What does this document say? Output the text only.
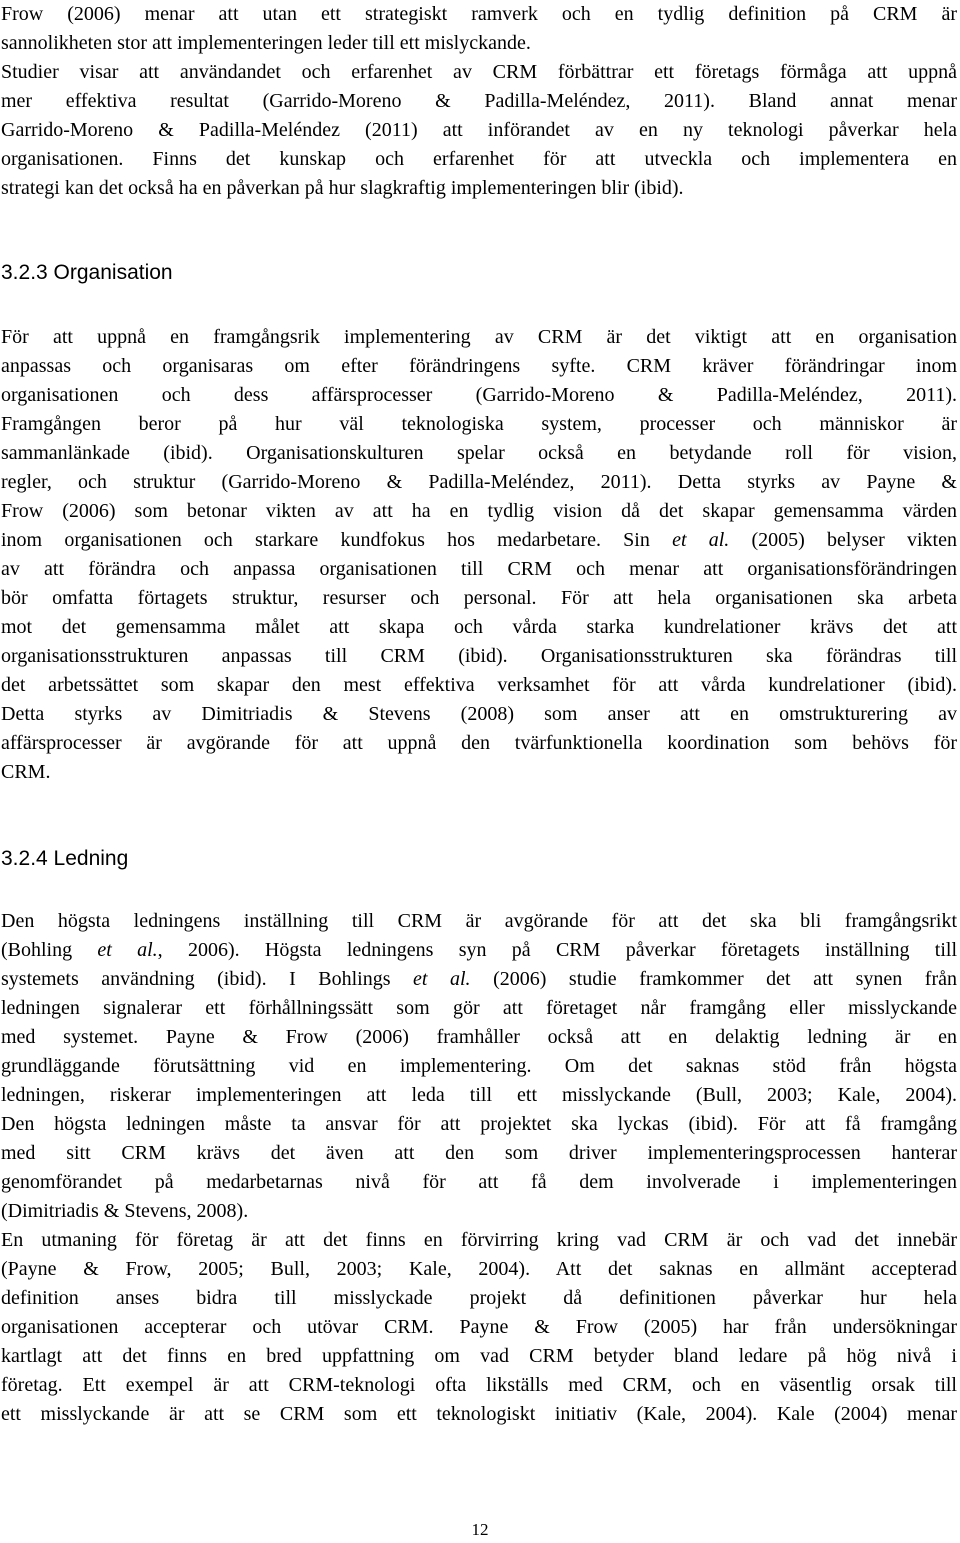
Frow (2006) menar att utan ett strategiskt ramverk och en tydlig definition på CRM är
sannolikheten stor att implementeringen leder till ett mislyckande.
Studier visar att användandet och erfarenhet av CRM förbättrar ett företags förmåga att uppnå
mer effektiva resultat (Garrido-Moreno & Padilla-Meléndez, 2011). Bland annat menar
Garrido-Moreno & Padilla-Meléndez (2011) att införandet av en ny teknologi påverkar hela
organisationen. Finns det kunskap och erfarenhet för att utveckla och implementera en
strategi kan det också ha en påverkan på hur slagkraftig implementeringen blir (ibid).
3.2.3 Organisation
För att uppnå en framgångsrik implementering av CRM är det viktigt att en organisation
anpassas och organisaras om efter förändringens syfte. CRM kräver förändringar inom
organisationen och dess affärsprocesser (Garrido-Moreno & Padilla-Meléndez, 2011).
Framgången beror på hur väl teknologiska system, processer och människor är
sammanlänkade (ibid). Organisationskulturen spelar också en betydande roll för vision,
regler, och struktur (Garrido-Moreno & Padilla-Meléndez, 2011). Detta styrks av Payne &
Frow (2006) som betonar vikten av att ha en tydlig vision då det skapar gemensamma värden
inom organisationen och starkare kundfokus hos medarbetare. Sin et al. (2005) belyser vikten
av att förändra och anpassa organisationen till CRM och menar att organisationsförändringen
bör omfatta förtagets struktur, resurser och personal. För att hela organisationen ska arbeta
mot det gemensamma målet att skapa och vårda starka kundrelationer krävs det att
organisationsstrukturen anpassas till CRM (ibid). Organisationsstrukturen ska förändras till
det arbetssättet som skapar den mest effektiva verksamhet för att vårda kundrelationer (ibid).
Detta styrks av Dimitriadis & Stevens (2008) som anser att en omstrukturering av
affärsprocesser är avgörande för att uppnå den tvärfunktionella koordination som behövs för
CRM.
3.2.4 Ledning
Den högsta ledningens inställning till CRM är avgörande för att det ska bli framgångsrikt
(Bohling et al., 2006). Högsta ledningens syn på CRM påverkar företagets inställning till
systemets användning (ibid). I Bohlings et al. (2006) studie framkommer det att synen från
ledningen signalerar ett förhållningssätt som gör att företaget når framgång eller misslyckande
med systemet. Payne & Frow (2006) framhåller också att en delaktig ledning är en
grundläggande förutsättning vid en implementering. Om det saknas stöd från högsta
ledningen, riskerar implementeringen att leda till ett misslyckande (Bull, 2003; Kale, 2004).
Den högsta ledningen måste ta ansvar för att projektet ska lyckas (ibid). För att få framgång
med sitt CRM krävs det även att den som driver implementeringsprocessen hanterar
genomförandet på medarbetarnas nivå för att få dem involverade i implementeringen
(Dimitriadis & Stevens, 2008).
En utmaning för företag är att det finns en förvirring kring vad CRM är och vad det innebär
(Payne & Frow, 2005; Bull, 2003; Kale, 2004). Att det saknas en allmänt accepterad
definition anses bidra till misslyckade projekt då definitionen påverkar hur hela
organisationen accepterar och utövar CRM. Payne & Frow (2005) har från undersökningar
kartlagt att det finns en bred uppfattning om vad CRM betyder bland ledare på hög nivå i
företag. Ett exempel är att CRM-teknologi ofta likställs med CRM, och en väsentlig orsak till
ett misslyckande är att se CRM som ett teknologiskt initiativ (Kale, 2004). Kale (2004) menar
12
